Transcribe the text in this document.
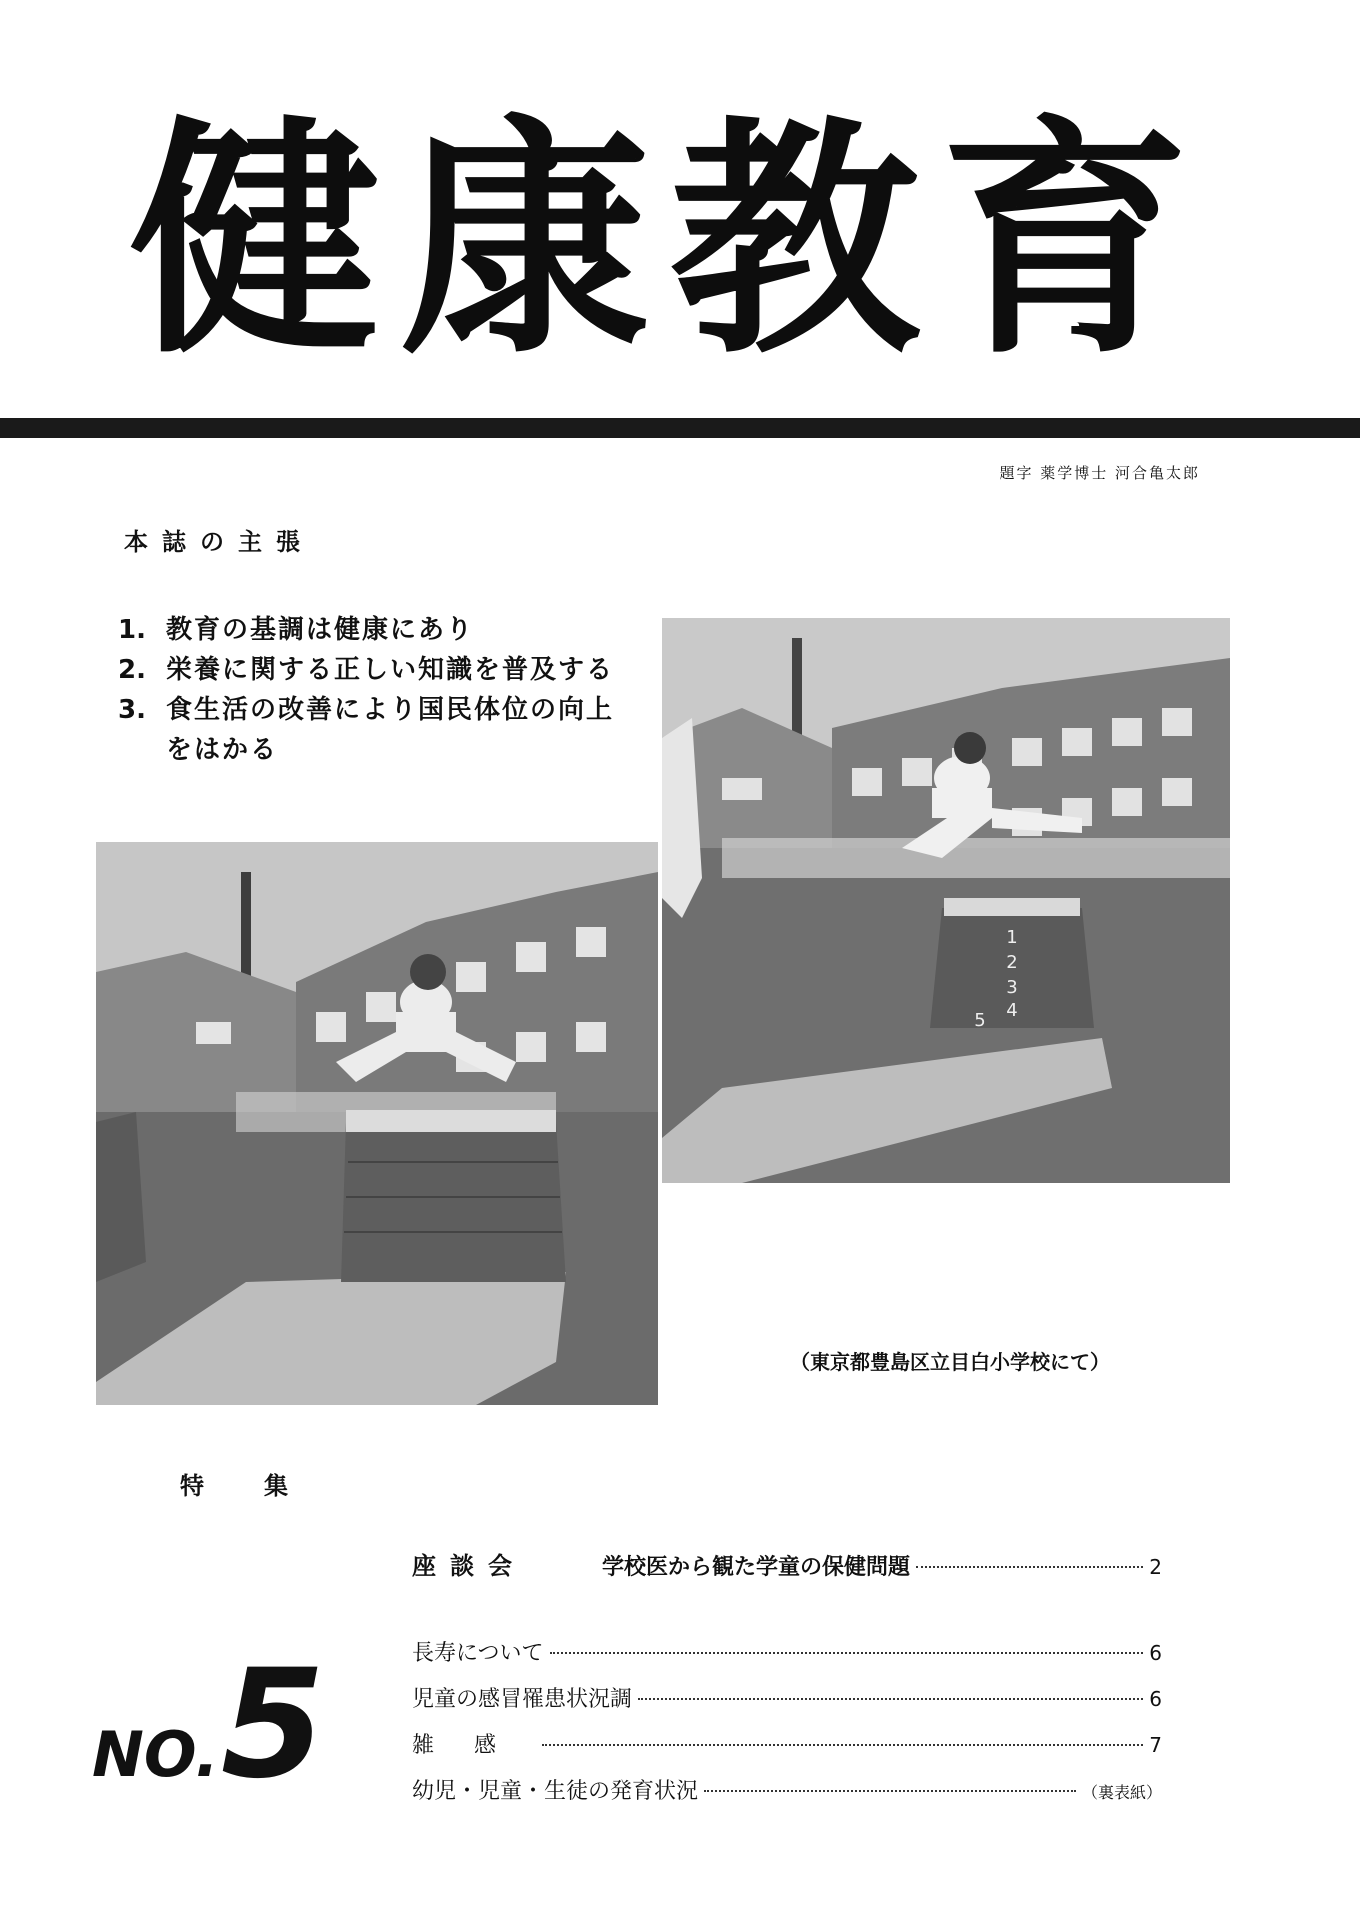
健康教育
題字 薬学博士 河合亀太郎
本誌の主張
1. 教育の基調は健康にあり
2. 栄養に関する正しい知識を普及する
3. 食生活の改善により国民体位の向上をはかる
1
2
3
4
5
（東京都豊島区立目白小学校にて）
特集
座談会	学校医から観た学童の保健問題	2
長寿について	6
児童の感冒罹患状況調	6
雑感	7
幼児・児童・生徒の発育状況	（裏表紙）
NO.5
